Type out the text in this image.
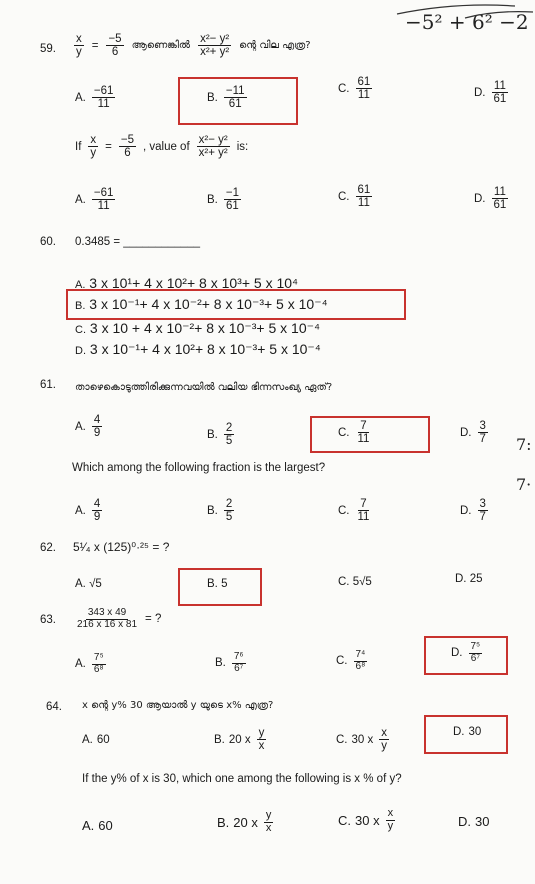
−5² + 6² −2
7:
7·
59. $\frac{x}{y} = \frac{-5}{6}$ ആണെങ്കിൽ $\frac{\text{x²− y²}}{\text{x²+ y²}}$ ന്റെ വില എത്ര?
A. $\frac{-61}{11}$	B. $\frac{-11}{61}$	C. $\frac{61}{11}$	D. $\frac{11}{61}$
If $\frac{x}{y} = \frac{-5}{6}$ , value of $\frac{\text{x²− y²}}{\text{x²+ y²}}$ is:
A. $\frac{-61}{11}$	B. $\frac{-1}{61}$	C. $\frac{61}{11}$	D. $\frac{11}{61}$
60. 0.3485 = ____________
A. 3 x 10¹+ 4 x 10²+ 8 x 10³+ 5 x 10⁴
B. 3 x 10⁻¹+ 4 x 10⁻²+ 8 x 10⁻³+ 5 x 10⁻⁴
C. 3 x 10 + 4 x 10⁻²+ 8 x 10⁻³+ 5 x 10⁻⁴
D. 3 x 10⁻¹+ 4 x 10²+ 8 x 10⁻³+ 5 x 10⁻⁴
61. താഴെകൊടുത്തിരിക്കുന്നവയിൽ വലിയ ഭിന്നസംഖ്യ ഏത്?
A. $\frac{4}{9}$	B. $\frac{2}{5}$	C. $\frac{7}{11}$	D. $\frac{3}{7}$
Which among the following fraction is the largest?
A. $\frac{4}{9}$	B. $\frac{2}{5}$	C. $\frac{7}{11}$	D. $\frac{3}{7}$
62. 5¹⁄₄ x (125)⁰·²⁵ = ?
A. √5	B. 5	C. 5√5	D. 25
63. $\frac{343 x 49}{216 x 16 x 81}$ = ?
A. $\frac{\text{7⁵}}{\text{6⁸}}$	B. $\frac{\text{7⁶}}{\text{6⁷}}$	C. $\frac{\text{7⁴}}{\text{6⁸}}$	D. $\frac{\text{7⁵}}{\text{6⁷}}$
64. x ന്റെ y% 30 ആയാൽ y യുടെ x% എത്ര?
A. 60	B. 20 x $\frac{y}{x}$	C. 30 x $\frac{x}{y}$	D. 30
If the y% of x is 30, which one among the following is x % of y?
A. 60	B. 20 x $\frac{y}{x}$	C. 30 x $\frac{x}{y}$	D. 30
